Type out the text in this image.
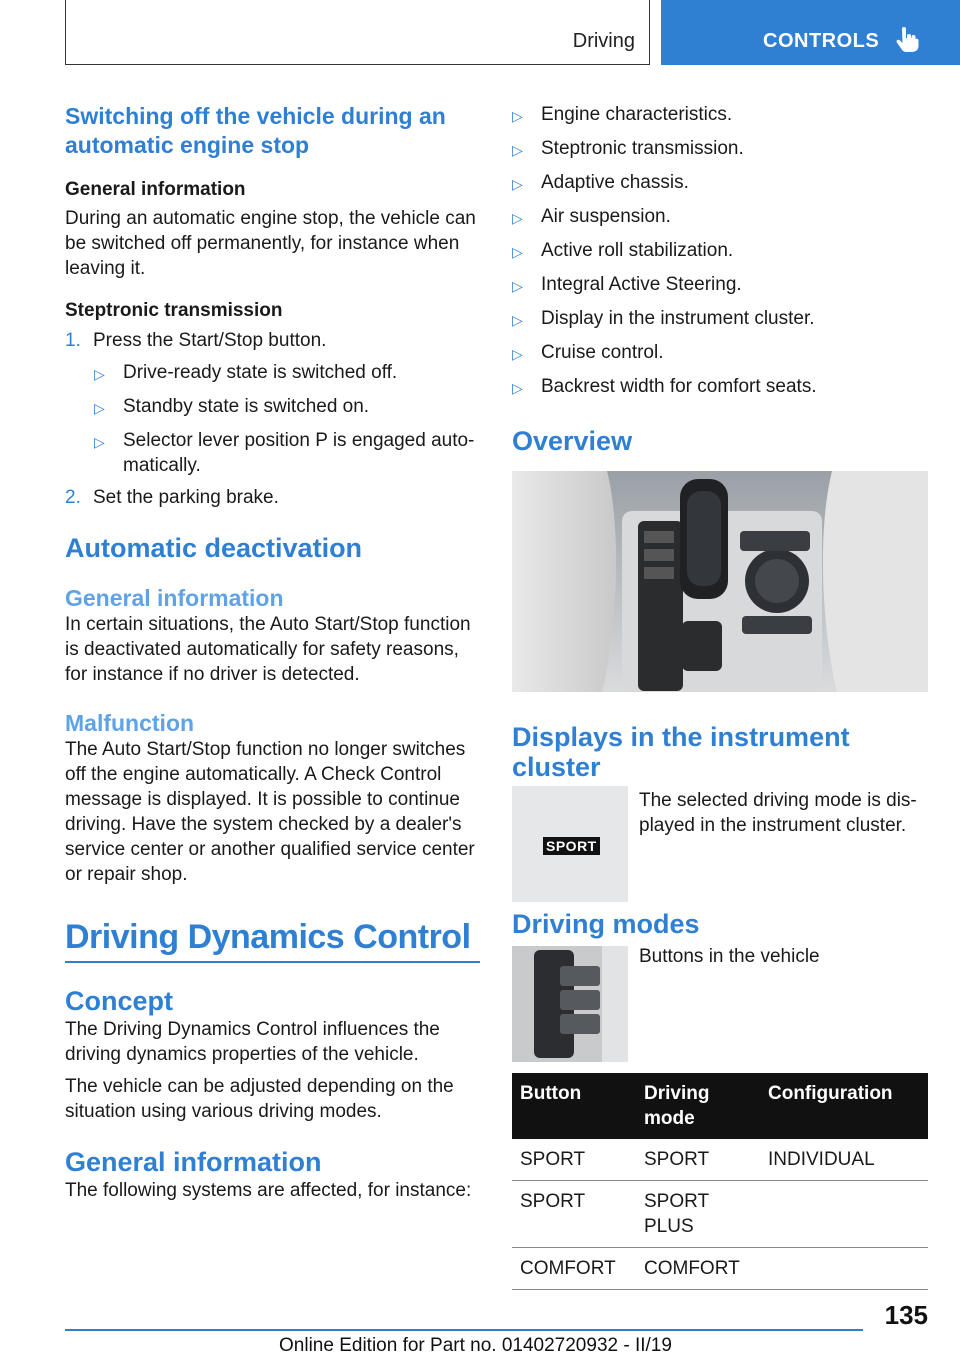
Driving	CONTROLS
Switching off the vehicle during an automatic engine stop
General information

During an automatic engine stop, the vehicle can be switched off permanently, for instance when leaving it.

Steptronic transmission
1. Press the Start/Stop button.
▷ Drive-ready state is switched off.
▷ Standby state is switched on.
▷ Selector lever position P is engaged auto-matically.
2. Set the parking brake.
Automatic deactivation
General information

In certain situations, the Auto Start/Stop function is deactivated automatically for safety reasons, for instance if no driver is detected.

Malfunction

The Auto Start/Stop function no longer switches off the engine automatically. A Check Control message is displayed. It is possible to continue driving. Have the system checked by a dealer's service center or another qualified service center or repair shop.

Driving Dynamics Control
Concept

The Driving Dynamics Control influences the driving dynamics properties of the vehicle.

The vehicle can be adjusted depending on the situation using various driving modes.

General information

The following systems are affected, for instance:

▷ Engine characteristics.
▷ Steptronic transmission.
▷ Adaptive chassis.
▷ Air suspension.
▷ Active roll stabilization.
▷ Integral Active Steering.
▷ Display in the instrument cluster.
▷ Cruise control.
▷ Backrest width for comfort seats.
Overview
Displays in the instrument cluster
SPORT

The selected driving mode is dis-played in the instrument cluster.

Driving modes

Buttons in the vehicle

Button	Driving mode	Configuration
SPORT	SPORT	INDIVIDUAL
SPORT	SPORT PLUS	
COMFORT	COMFORT	
135
Online Edition for Part no. 01402720932 - II/19
